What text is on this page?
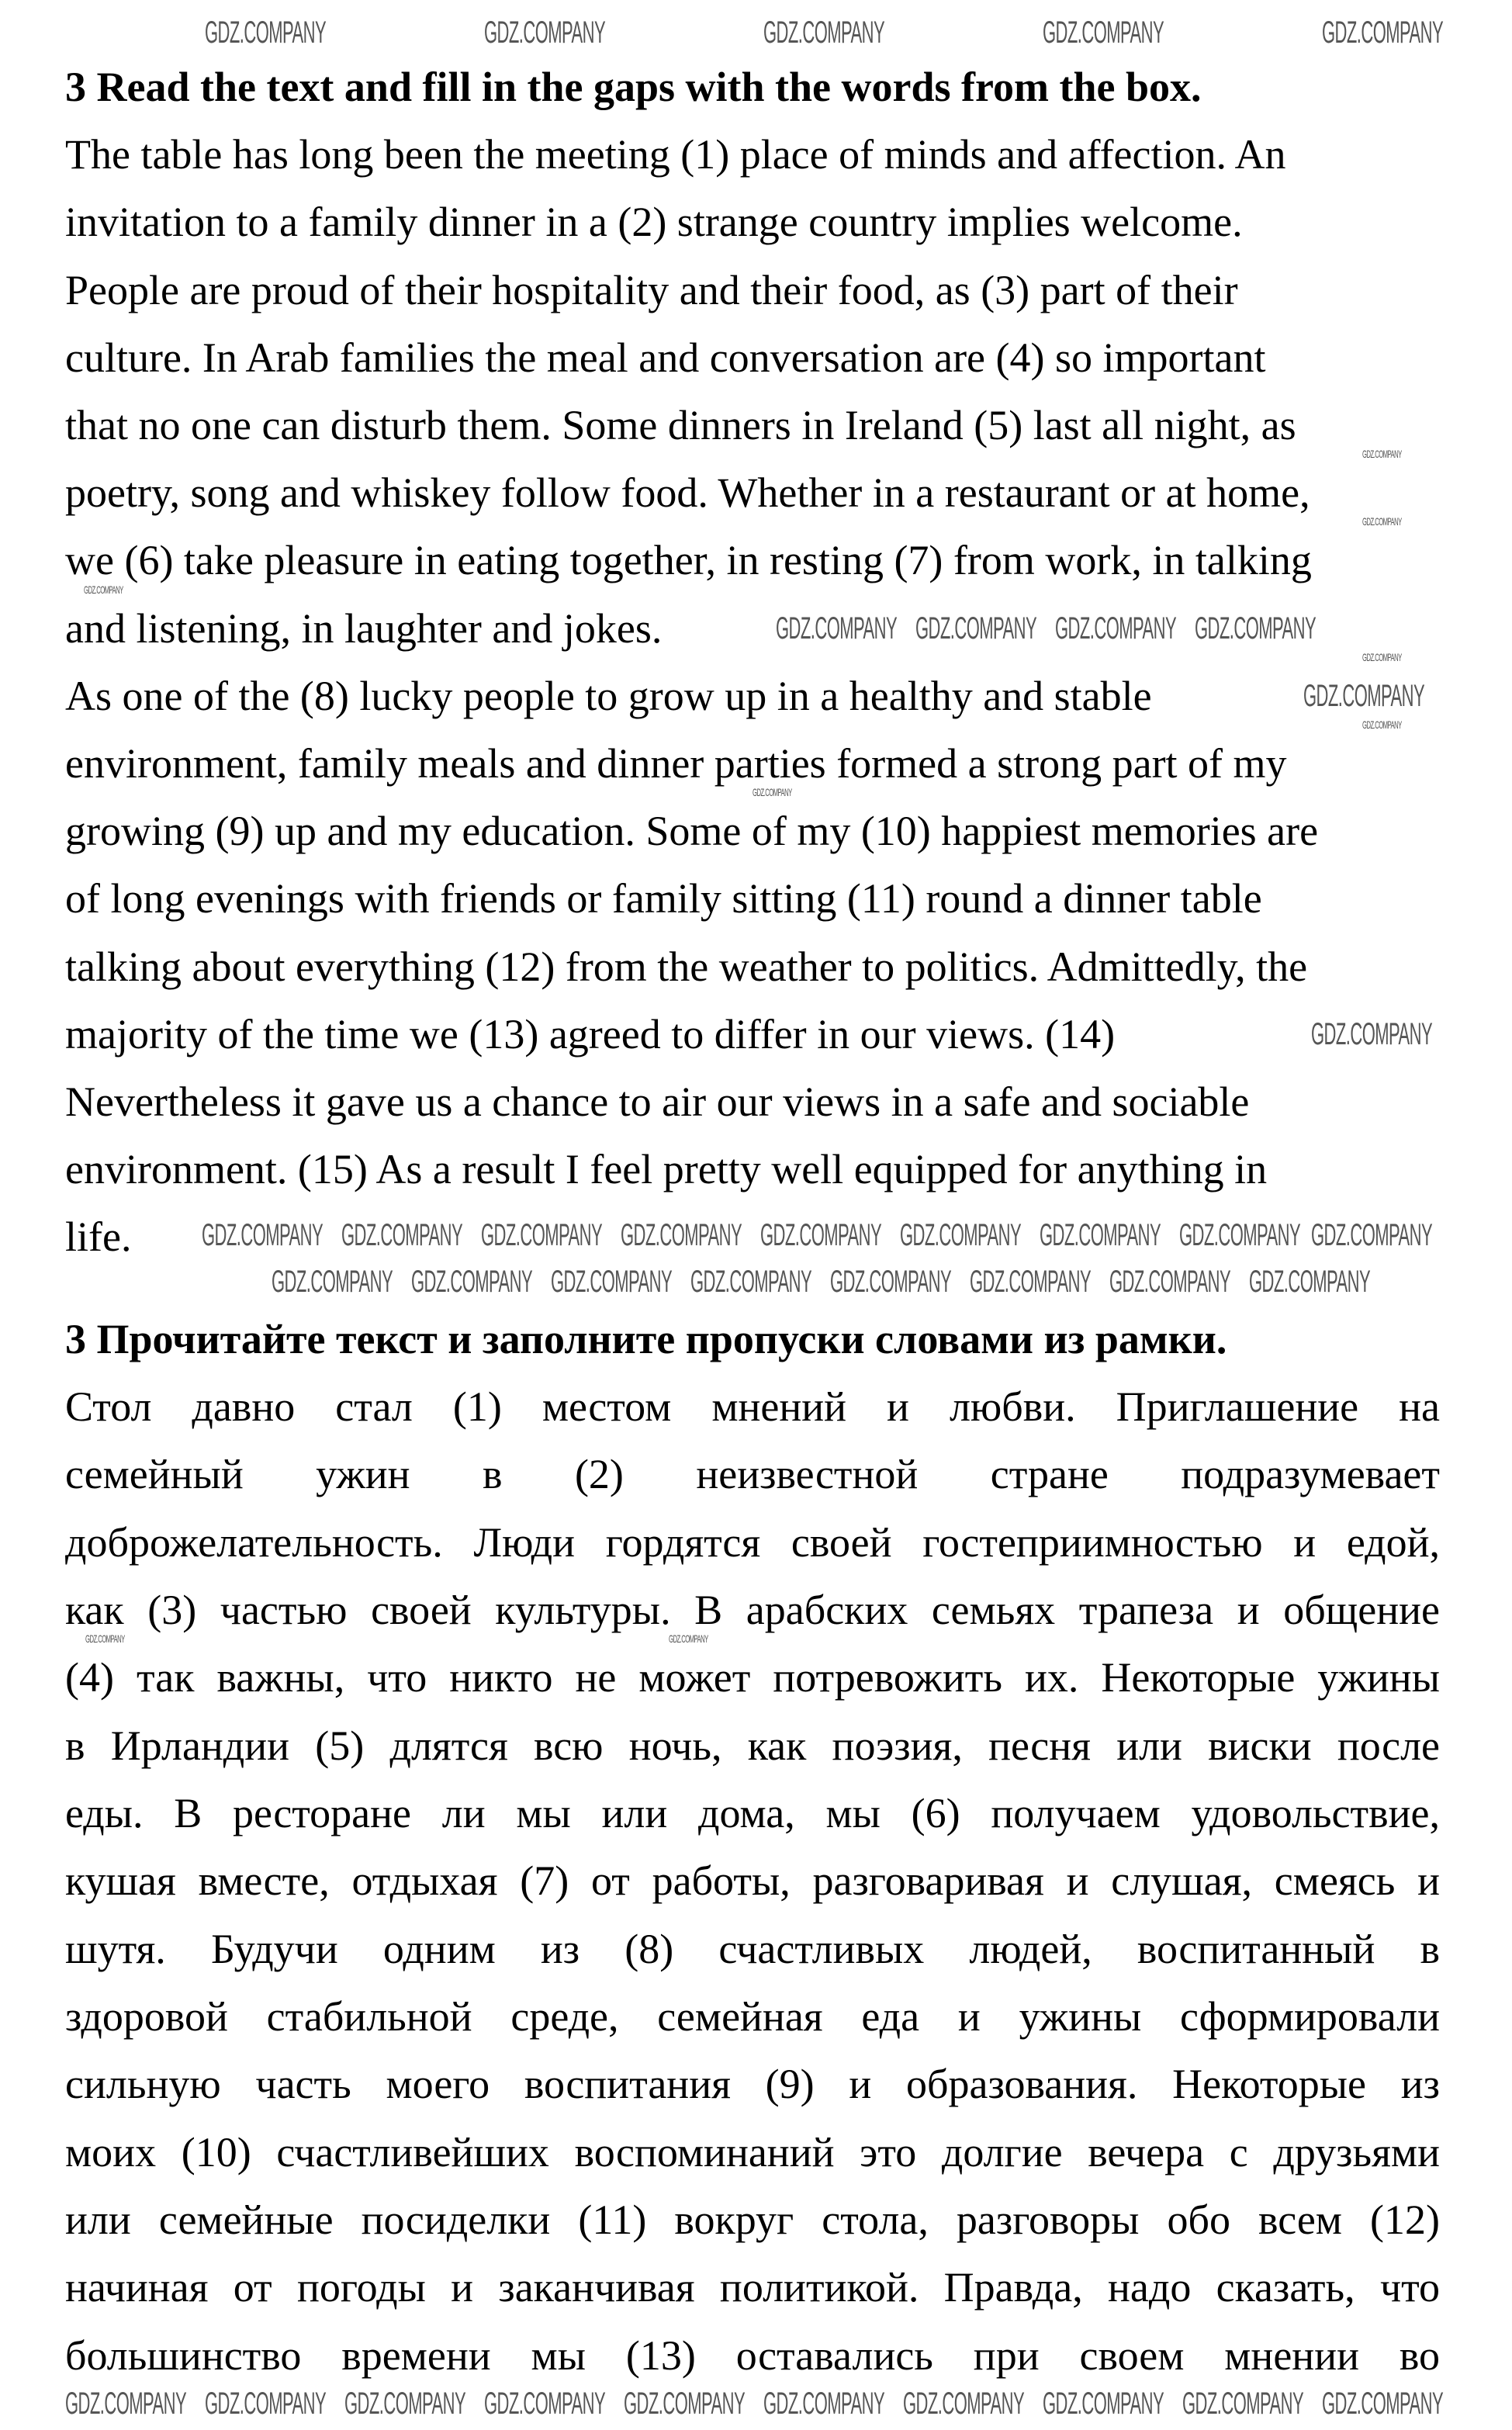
3 Read the text and fill in the gaps with the words from the box.
The table has long been the meeting (1) place of minds and affection. An
invitation to a family dinner in a (2) strange country implies welcome.
People are proud of their hospitality and their food, as (3) part of their
culture. In Arab families the meal and conversation are (4) so important
that no one can disturb them. Some dinners in Ireland (5) last all night, as
poetry, song and whiskey follow food. Whether in a restaurant or at home,
we (6) take pleasure in eating together, in resting (7) from work, in talking
and listening, in laughter and jokes.
As one of the (8) lucky people to grow up in a healthy and stable
environment, family meals and dinner parties formed a strong part of my
growing (9) up and my education. Some of my (10) happiest memories are
of long evenings with friends or family sitting (11) round a dinner table
talking about everything (12) from the weather to politics. Admittedly, the
majority of the time we (13) agreed to differ in our views. (14)
Nevertheless it gave us a chance to air our views in a safe and sociable
environment. (15) As a result I feel pretty well equipped for anything in
life.
3 Прочитайте текст и заполните пропуски словами из рамки.
Стол давно стал (1) местом мнений и любви. Приглашение на
семейный ужин в (2) неизвестной стране подразумевает
доброжелательность. Люди гордятся своей гостеприимностью и едой,
как (3) частью своей культуры. В арабских семьях трапеза и общение
(4) так важны, что никто не может потревожить их. Некоторые ужины
в Ирландии (5) длятся всю ночь, как поэзия, песня или виски после
еды. В ресторане ли мы или дома, мы (6) получаем удовольствие,
кушая вместе, отдыхая (7) от работы, разговаривая и слушая, смеясь и
шутя. Будучи одним из (8) счастливых людей, воспитанный в
здоровой стабильной среде, семейная еда и ужины сформировали
сильную часть моего воспитания (9) и образования. Некоторые из
моих (10) счастливейших воспоминаний это долгие вечера с друзьями
или семейные посиделки (11) вокруг стола, разговоры обо всем (12)
начиная от погоды и заканчивая политикой. Правда, надо сказать, что
большинство времени мы (13) оставались при своем мнении во
GDZ.COMPANY	GDZ.COMPANY	GDZ.COMPANY	GDZ.COMPANY	GDZ.COMPANY
GDZ.COMPANY
GDZ.COMPANY GDZ.COMPANY GDZ.COMPANY GDZ.COMPANY
GDZ.COMPANY
GDZ.COMPANY GDZ.COMPANY GDZ.COMPANY GDZ.COMPANY GDZ.COMPANY GDZ.COMPANY GDZ.COMPANY GDZ.COMPANY GDZ.COMPANY
GDZ.COMPANY GDZ.COMPANY GDZ.COMPANY GDZ.COMPANY GDZ.COMPANY GDZ.COMPANY GDZ.COMPANY GDZ.COMPANY
GDZ.COMPANY GDZ.COMPANY GDZ.COMPANY GDZ.COMPANY GDZ.COMPANY GDZ.COMPANY GDZ.COMPANY GDZ.COMPANY GDZ.COMPANY GDZ.COMPANY
GDZ.COMPANY
GDZ.COMPANY
GDZ.COMPANY
GDZ.COMPANY
GDZ.COMPANY
GDZ.COMPANY
GDZ.COMPANY	GDZ.COMPANY
